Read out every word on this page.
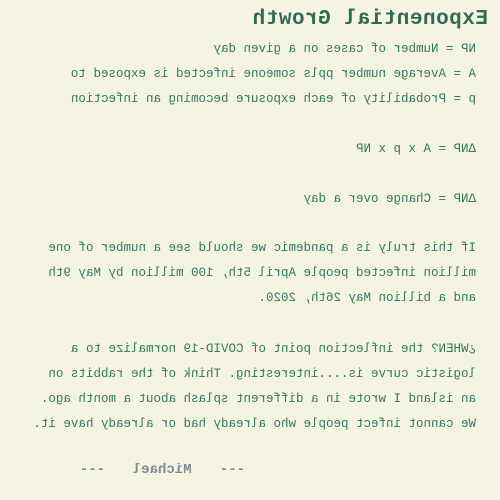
Exponential Growth

NP = Number of cases on a given day

A = Average number ppls someone infected is exposed to

p = Probability of each exposure becoming an infection

ΔNP = A x p x NP

ΔNP = Change over a day

If this truly is a pandemic we should see a number of one

million infected people April 5th, 100 million by May 9th

and a billion May 26th, 2020.

¿WHEN? the inflection point of COVID-19 normalize to a

logistic curve is....interesting. Think of the rabbits on

an island I wrote in a different splash about a month ago.

We cannot infect people who already had or already have it.

--- Michael ---
